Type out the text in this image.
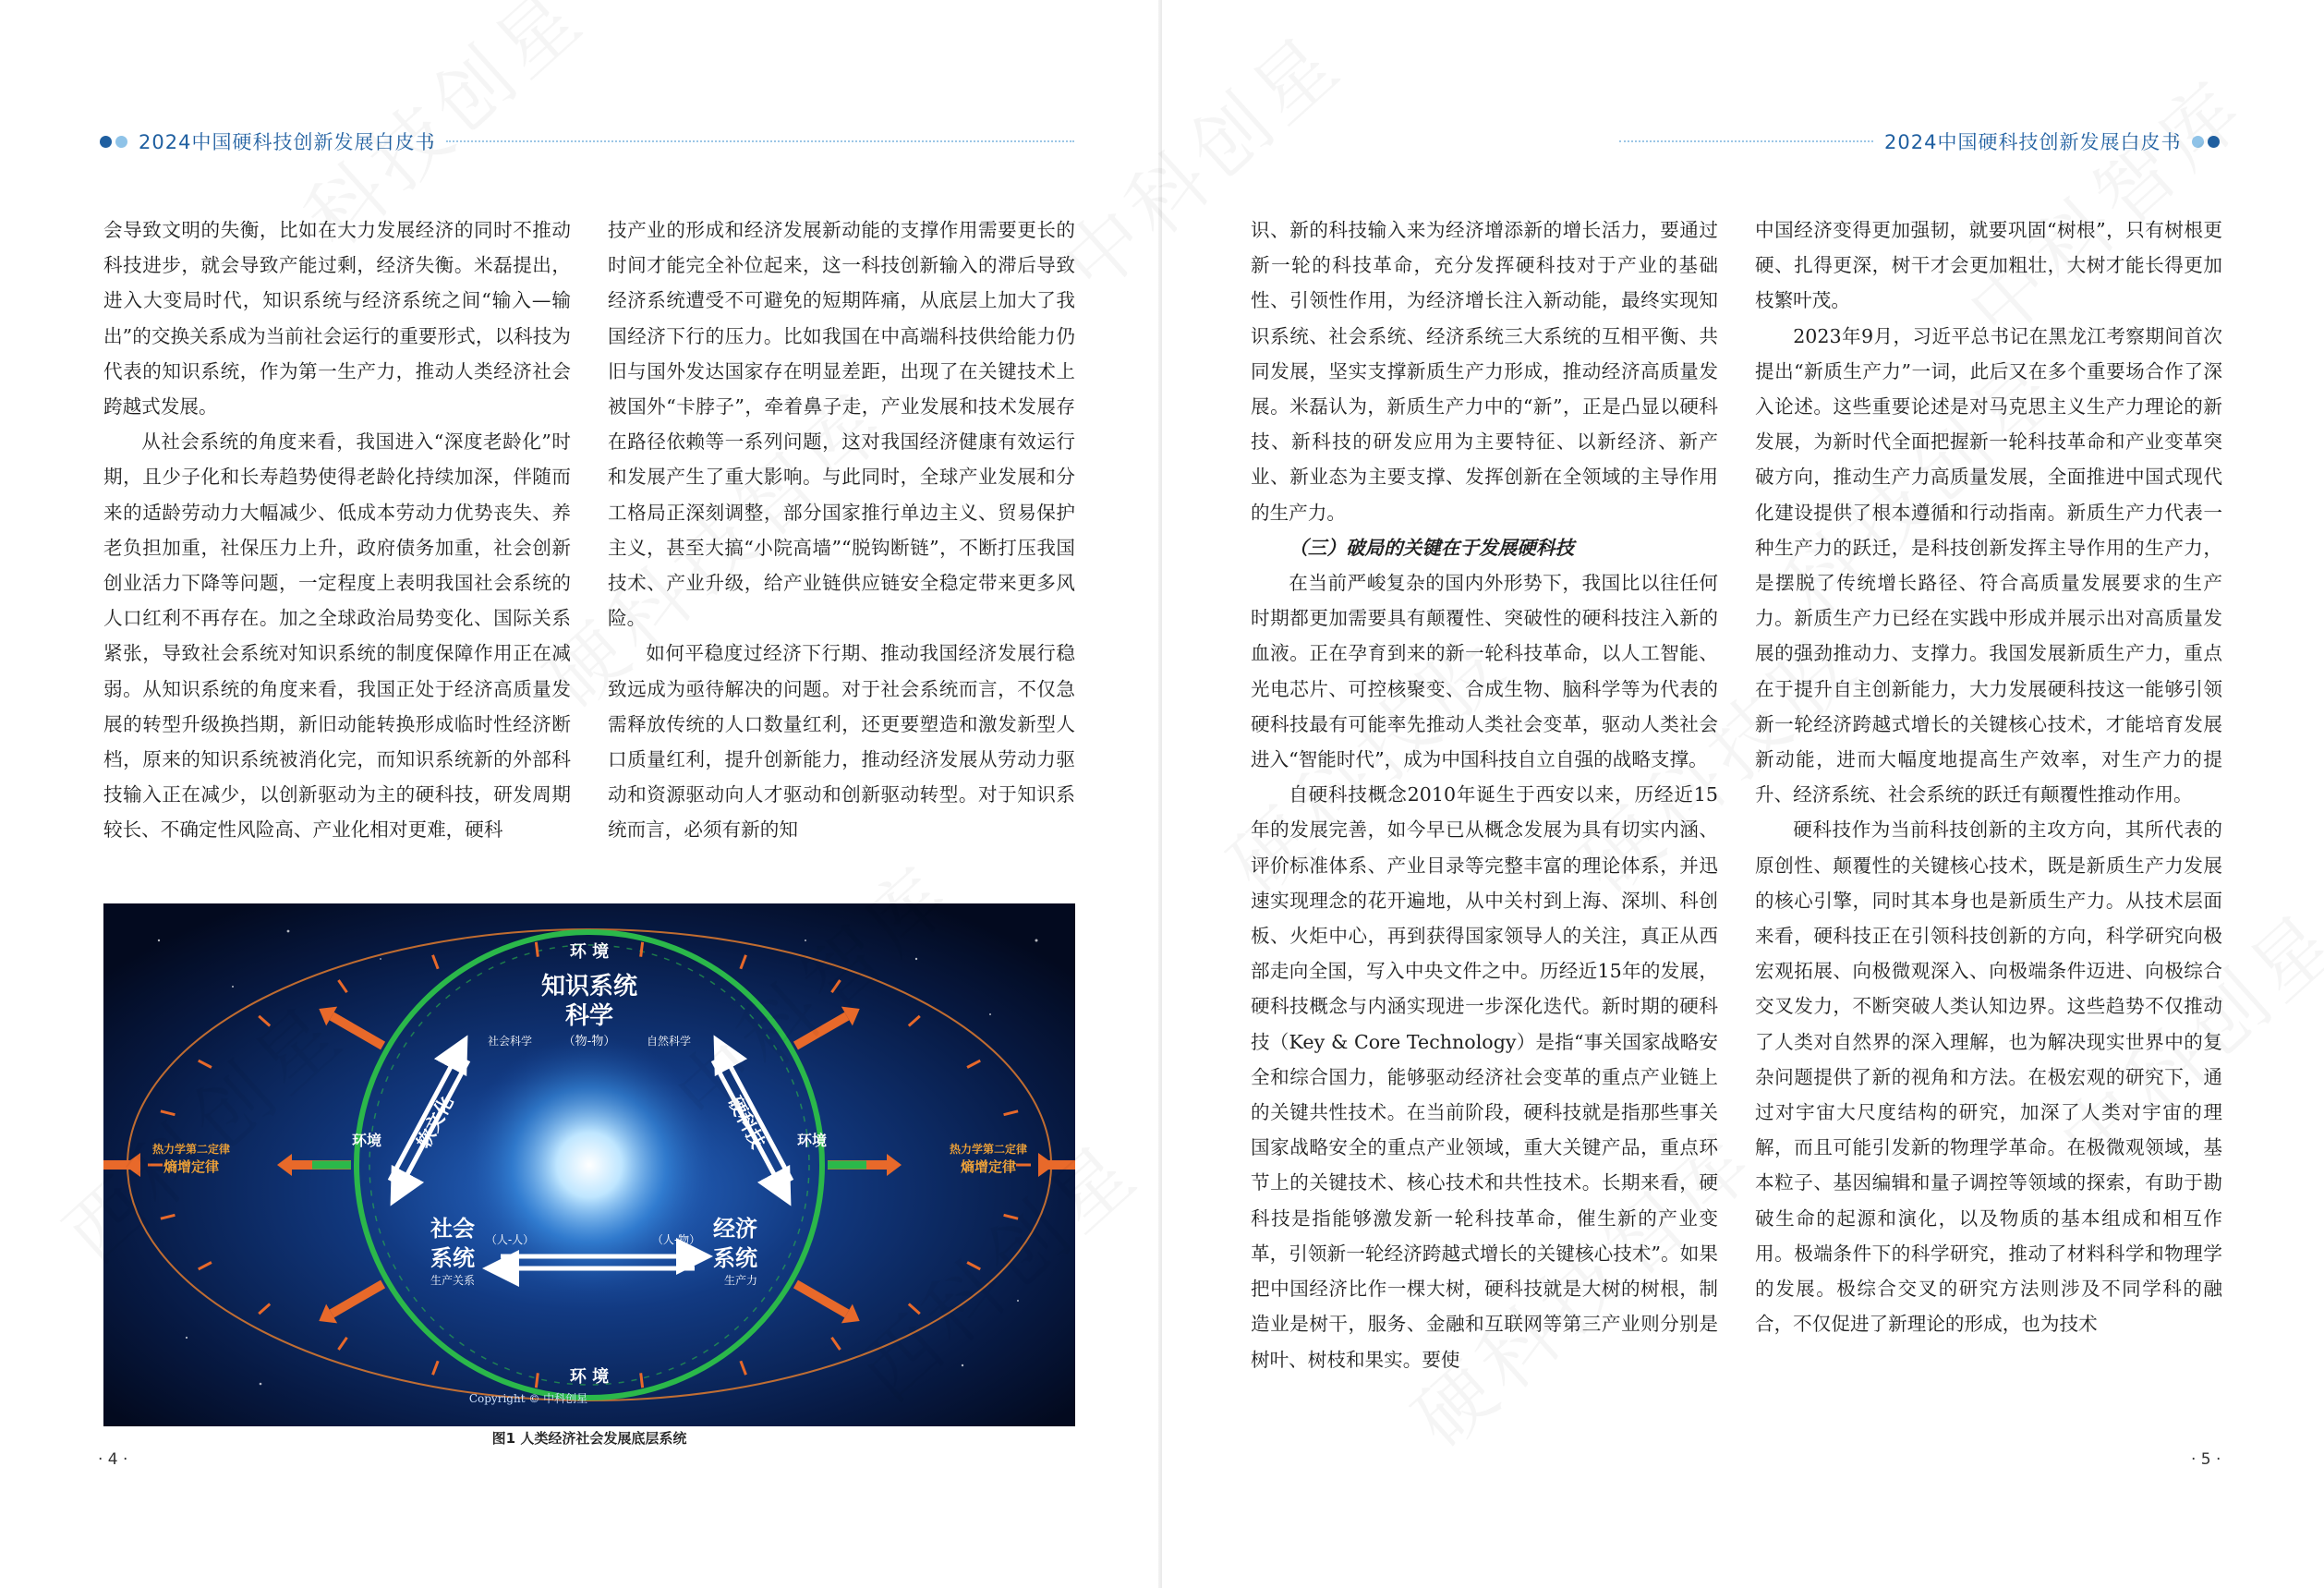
2024中国硬科技创新发展白皮书

会导致文明的失衡，比如在大力发展经济的同时不推动科技进步，就会导致产能过剩，经济失衡。米磊提出，进入大变局时代，知识系统与经济系统之间“输入—输出”的交换关系成为当前社会运行的重要形式，以科技为代表的知识系统，作为第一生产力，推动人类经济社会跨越式发展。

从社会系统的角度来看，我国进入“深度老龄化”时期，且少子化和长寿趋势使得老龄化持续加深，伴随而来的适龄劳动力大幅减少、低成本劳动力优势丧失、养老负担加重，社保压力上升，政府债务加重，社会创新创业活力下降等问题，一定程度上表明我国社会系统的人口红利不再存在。加之全球政治局势变化、国际关系紧张，导致社会系统对知识系统的制度保障作用正在减弱。从知识系统的角度来看，我国正处于经济高质量发展的转型升级换挡期，新旧动能转换形成临时性经济断档，原来的知识系统被消化完，而知识系统新的外部科技输入正在减少，以创新驱动为主的硬科技，研发周期较长、不确定性风险高、产业化相对更难，硬科

技产业的形成和经济发展新动能的支撑作用需要更长的时间才能完全补位起来，这一科技创新输入的滞后导致经济系统遭受不可避免的短期阵痛，从底层上加大了我国经济下行的压力。比如我国在中高端科技供给能力仍旧与国外发达国家存在明显差距，出现了在关键技术上被国外“卡脖子”，牵着鼻子走，产业发展和技术发展存在路径依赖等一系列问题，这对我国经济健康有效运行和发展产生了重大影响。与此同时，全球产业发展和分工格局正深刻调整，部分国家推行单边主义、贸易保护主义，甚至大搞“小院高墙”“脱钩断链”，不断打压我国技术、产业升级，给产业链供应链安全稳定带来更多风险。

如何平稳度过经济下行期、推动我国经济发展行稳致远成为亟待解决的问题。对于社会系统而言，不仅急需释放传统的人口数量红利，还更要塑造和激发新型人口质量红利，提升创新能力，推动经济发展从劳动力驱动和资源驱动向人才驱动和创新驱动转型。对于知识系统而言，必须有新的知

环 境
环 境
环境	环境
知识系统
科学
（物-物）
社会科学	自然科学
社会
系统
（人-人）
生产关系
经济
系统
（人-物）
生产力
软文化	硬科技
热力学第二定律
熵增定律
热力学第二定律
熵增定律
Copyright © 中科创星
图1 人类经济社会发展底层系统
· 4 ·
2024中国硬科技创新发展白皮书

识、新的科技输入来为经济增添新的增长活力，要通过新一轮的科技革命，充分发挥硬科技对于产业的基础性、引领性作用，为经济增长注入新动能，最终实现知识系统、社会系统、经济系统三大系统的互相平衡、共同发展，坚实支撑新质生产力形成，推动经济高质量发展。米磊认为，新质生产力中的“新”，正是凸显以硬科技、新科技的研发应用为主要特征、以新经济、新产业、新业态为主要支撑、发挥创新在全领域的主导作用的生产力。

（三）破局的关键在于发展硬科技

在当前严峻复杂的国内外形势下，我国比以往任何时期都更加需要具有颠覆性、突破性的硬科技注入新的血液。正在孕育到来的新一轮科技革命，以人工智能、光电芯片、可控核聚变、合成生物、脑科学等为代表的硬科技最有可能率先推动人类社会变革，驱动人类社会进入“智能时代”，成为中国科技自立自强的战略支撑。

自硬科技概念2010年诞生于西安以来，历经近15年的发展完善，如今早已从概念发展为具有切实内涵、评价标准体系、产业目录等完整丰富的理论体系，并迅速实现理念的花开遍地，从中关村到上海、深圳、科创板、火炬中心，再到获得国家领导人的关注，真正从西部走向全国，写入中央文件之中。历经近15年的发展，硬科技概念与内涵实现进一步深化迭代。新时期的硬科技（Key & Core Technology）是指“事关国家战略安全和综合国力，能够驱动经济社会变革的重点产业链上的关键共性技术。在当前阶段，硬科技就是指那些事关国家战略安全的重点产业领域，重大关键产品，重点环节上的关键技术、核心技术和共性技术。长期来看，硬科技是指能够激发新一轮科技革命，催生新的产业变革，引领新一轮经济跨越式增长的关键核心技术”。如果把中国经济比作一棵大树，硬科技就是大树的树根，制造业是树干，服务、金融和互联网等第三产业则分别是树叶、树枝和果实。要使

中国经济变得更加强韧，就要巩固“树根”，只有树根更硬、扎得更深，树干才会更加粗壮，大树才能长得更加枝繁叶茂。

2023年9月，习近平总书记在黑龙江考察期间首次提出“新质生产力”一词，此后又在多个重要场合作了深入论述。这些重要论述是对马克思主义生产力理论的新发展，为新时代全面把握新一轮科技革命和产业变革突破方向，推动生产力高质量发展，全面推进中国式现代化建设提供了根本遵循和行动指南。新质生产力代表一种生产力的跃迁，是科技创新发挥主导作用的生产力，是摆脱了传统增长路径、符合高质量发展要求的生产力。新质生产力已经在实践中形成并展示出对高质量发展的强劲推动力、支撑力。我国发展新质生产力，重点在于提升自主创新能力，大力发展硬科技这一能够引领新一轮经济跨越式增长的关键核心技术，才能培育发展新动能，进而大幅度地提高生产效率，对生产力的提升、经济系统、社会系统的跃迁有颠覆性推动作用。

硬科技作为当前科技创新的主攻方向，其所代表的原创性、颠覆性的关键核心技术，既是新质生产力发展的核心引擎，同时其本身也是新质生产力。从技术层面来看，硬科技正在引领科技创新的方向，科学研究向极宏观拓展、向极微观深入、向极端条件迈进、向极综合交叉发力，不断突破人类认知边界。这些趋势不仅推动了人类对自然界的深入理解，也为解决现实世界中的复杂问题提供了新的视角和方法。在极宏观的研究下，通过对宇宙大尺度结构的研究，加深了人类对宇宙的理解，而且可能引发新的物理学革命。在极微观领域，基本粒子、基因编辑和量子调控等领域的探索，有助于勘破生命的起源和演化，以及物质的基本组成和相互作用。极端条件下的科学研究，推动了材料科学和物理学的发展。极综合交叉的研究方法则涉及不同学科的融合，不仅促进了新理论的形成，也为技术

· 5 ·
